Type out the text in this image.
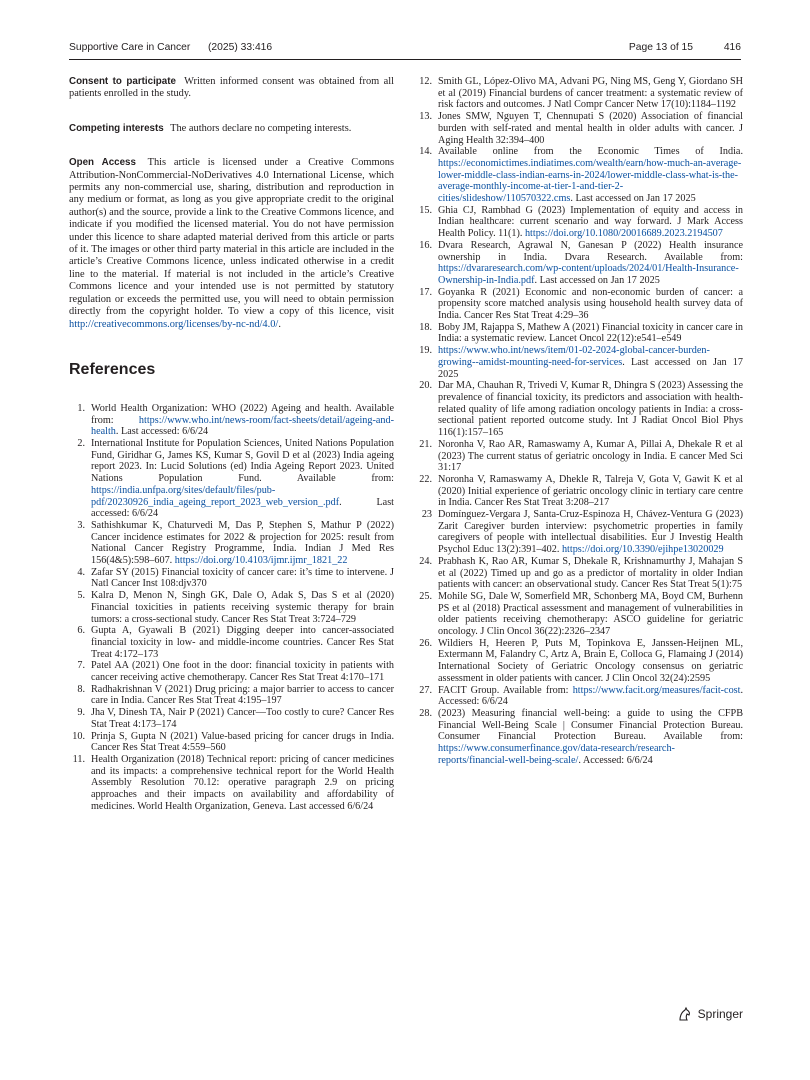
Supportive Care in Cancer (2025) 33:416	Page 13 of 15	416

Consent to participate Written informed consent was obtained from all patients enrolled in the study.

Competing interests The authors declare no competing interests.

Open Access This article is licensed under a Creative Commons Attribution-NonCommercial-NoDerivatives 4.0 International License, which permits any non-commercial use, sharing, distribution and reproduction in any medium or format, as long as you give appropriate credit to the original author(s) and the source, provide a link to the Creative Commons licence, and indicate if you modified the licensed material. You do not have permission under this licence to share adapted material derived from this article or parts of it. The images or other third party material in this article are included in the article’s Creative Commons licence, unless indicated otherwise in a credit line to the material. If material is not included in the article’s Creative Commons licence and your intended use is not permitted by statutory regulation or exceeds the permitted use, you will need to obtain permission directly from the copyright holder. To view a copy of this licence, visit http://creativecommons.org/licenses/by-nc-nd/4.0/.

References
1. World Health Organization: WHO (2022) Ageing and health. Available from: https://www.who.int/news-room/fact-sheets/detail/ageing-and-health. Last accessed: 6/6/24
2. International Institute for Population Sciences, United Nations Population Fund, Giridhar G, James KS, Kumar S, Govil D et al (2023) India ageing report 2023. In: Lucid Solutions (ed) India Ageing Report 2023. United Nations Population Fund. Available from: https://india.unfpa.org/sites/default/files/pub-pdf/20230926_india_ageing_report_2023_web_version_.pdf. Last accessed: 6/6/24
3. Sathishkumar K, Chaturvedi M, Das P, Stephen S, Mathur P (2022) Cancer incidence estimates for 2022 & projection for 2025: result from National Cancer Registry Programme, India. Indian J Med Res 156(4&5):598–607. https://doi.org/10.4103/ijmr.ijmr_1821_22
4. Zafar SY (2015) Financial toxicity of cancer care: it’s time to intervene. J Natl Cancer Inst 108:djv370
5. Kalra D, Menon N, Singh GK, Dale O, Adak S, Das S et al (2020) Financial toxicities in patients receiving systemic therapy for brain tumors: a cross-sectional study. Cancer Res Stat Treat 3:724–729
6. Gupta A, Gyawali B (2021) Digging deeper into cancer-associated financial toxicity in low- and middle-income countries. Cancer Res Stat Treat 4:172–173
7. Patel AA (2021) One foot in the door: financial toxicity in patients with cancer receiving active chemotherapy. Cancer Res Stat Treat 4:170–171
8. Radhakrishnan V (2021) Drug pricing: a major barrier to access to cancer care in India. Cancer Res Stat Treat 4:195–197
9. Jha V, Dinesh TA, Nair P (2021) Cancer—Too costly to cure? Cancer Res Stat Treat 4:173–174
10. Prinja S, Gupta N (2021) Value-based pricing for cancer drugs in India. Cancer Res Stat Treat 4:559–560
11. Health Organization (2018) Technical report: pricing of cancer medicines and its impacts: a comprehensive technical report for the World Health Assembly Resolution 70.12: operative paragraph 2.9 on pricing approaches and their impacts on availability and affordability of medicines. World Health Organization, Geneva. Last accessed 6/6/24
12. Smith GL, López-Olivo MA, Advani PG, Ning MS, Geng Y, Giordano SH et al (2019) Financial burdens of cancer treatment: a systematic review of risk factors and outcomes. J Natl Compr Cancer Netw 17(10):1184–1192
13. Jones SMW, Nguyen T, Chennupati S (2020) Association of financial burden with self-rated and mental health in older adults with cancer. J Aging Health 32:394–400
14. Available online from the Economic Times of India. https://economictimes.indiatimes.com/wealth/earn/how-much-an-average-lower-middle-class-indian-earns-in-2024/lower-middle-class-what-is-the-average-monthly-income-at-tier-1-and-tier-2-cities/slideshow/110570322.cms. Last accessed on Jan 17 2025
15. Ghia CJ, Rambhad G (2023) Implementation of equity and access in Indian healthcare: current scenario and way forward. J Mark Access Health Policy. 11(1). https://doi.org/10.1080/20016689.2023.2194507
16. Dvara Research, Agrawal N, Ganesan P (2022) Health insurance ownership in India. Dvara Research. Available from: https://dvararesearch.com/wp-content/uploads/2024/01/Health-Insurance-Ownership-in-India.pdf. Last accessed on Jan 17 2025
17. Goyanka R (2021) Economic and non-economic burden of cancer: a propensity score matched analysis using household health survey data of India. Cancer Res Stat Treat 4:29–36
18. Boby JM, Rajappa S, Mathew A (2021) Financial toxicity in cancer care in India: a systematic review. Lancet Oncol 22(12):e541–e549
19. https://www.who.int/news/item/01-02-2024-global-cancer-burden-growing--amidst-mounting-need-for-services. Last accessed on Jan 17 2025
20. Dar MA, Chauhan R, Trivedi V, Kumar R, Dhingra S (2023) Assessing the prevalence of financial toxicity, its predictors and association with health- related quality of life among radiation oncology patients in India: a cross-sectional patient reported outcome study. Int J Radiat Oncol Biol Phys 116(1):157–165
21. Noronha V, Rao AR, Ramaswamy A, Kumar A, Pillai A, Dhekale R et al (2023) The current status of geriatric oncology in India. E cancer Med Sci 31:17
22. Noronha V, Ramaswamy A, Dhekle R, Talreja V, Gota V, Gawit K et al (2020) Initial experience of geriatric oncology clinic in tertiary care centre in India. Cancer Res Stat Treat 3:208–217
23 Domínguez-Vergara J, Santa-Cruz-Espinoza H, Chávez-Ventura G (2023) Zarit Caregiver burden interview: psychometric properties in family caregivers of people with intellectual disabilities. Eur J Investig Health Psychol Educ 13(2):391–402. https://doi.org/10.3390/ejihpe13020029
24. Prabhash K, Rao AR, Kumar S, Dhekale R, Krishnamurthy J, Mahajan S et al (2022) Timed up and go as a predictor of mortality in older Indian patients with cancer: an observational study. Cancer Res Stat Treat 5(1):75
25. Mohile SG, Dale W, Somerfield MR, Schonberg MA, Boyd CM, Burhenn PS et al (2018) Practical assessment and management of vulnerabilities in older patients receiving chemotherapy: ASCO guideline for geriatric oncology. J Clin Oncol 36(22):2326–2347
26. Wildiers H, Heeren P, Puts M, Topinkova E, Janssen-Heijnen ML, Extermann M, Falandry C, Artz A, Brain E, Colloca G, Flamaing J (2014) International Society of Geriatric Oncology consensus on geriatric assessment in older patients with cancer. J Clin Oncol 32(24):2595
27. FACIT Group. Available from: https://www.facit.org/measures/facit-cost. Accessed: 6/6/24
28. (2023) Measuring financial well-being: a guide to using the CFPB Financial Well-Being Scale | Consumer Financial Protection Bureau. Consumer Financial Protection Bureau. Available from: https://www.consumerfinance.gov/data-research/research-reports/financial-well-being-scale/. Accessed: 6/6/24
Springer
